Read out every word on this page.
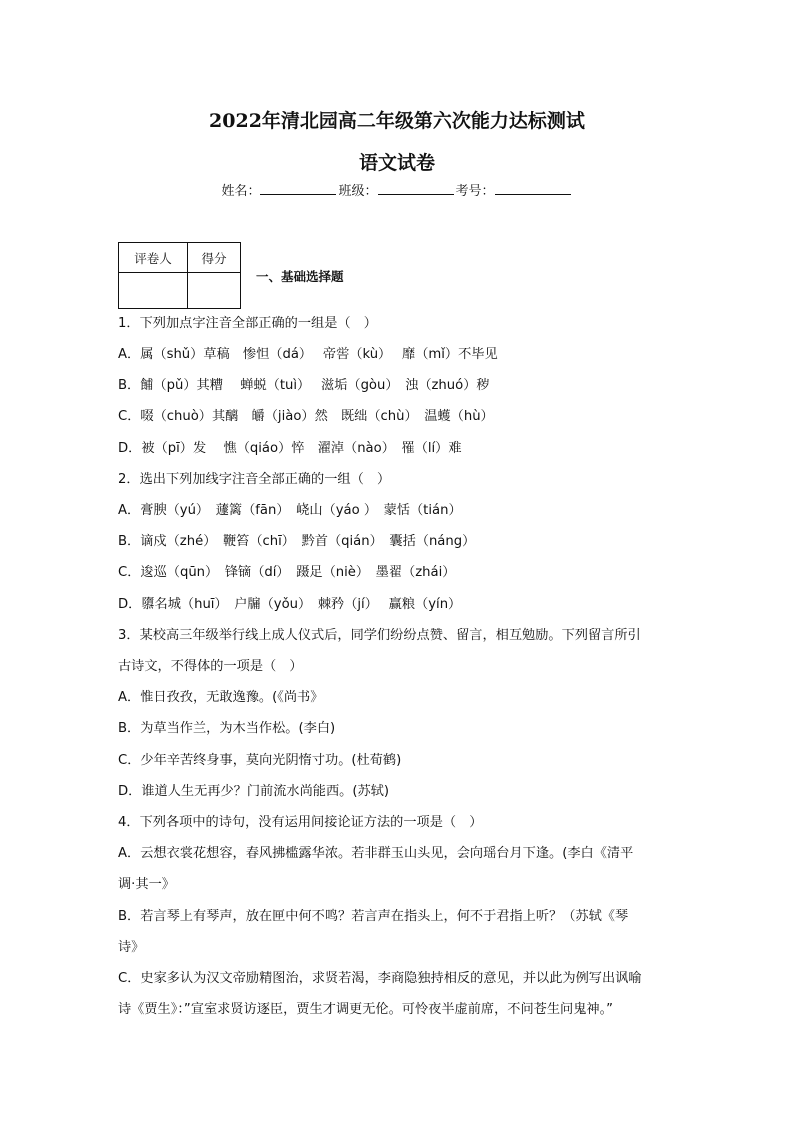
2022年清北园高二年级第六次能力达标测试
语文试卷
姓名：	班级：	考号：
评卷人	得分

一、基础选择题
1．下列加点字注音全部正确的一组是（　）
A．属（shǔ）草稿　惨怛（dá）　 帝喾（kù）　 靡（mǐ）不毕见
B．餔（pǔ）其糟　 蝉蜕（tuì）　 滋垢（gòu）　浊（zhuó）秽
C．啜（chuò）其醨　皭（jiào）然　既绌（chù）　温蠖（hù）
D．被（pī）发　 憔（qiáo）悴　濯淖（nào）　罹（lí）难
2．选出下列加线字注音全部正确的一组（　）
A．膏腴（yú）　蘧篱（fān）　峣山（yáo ）　蒙恬（tián）
B．谪戍（zhé）　鞭笞（chī）　黔首（qián）　囊括（náng）
C．逡巡（qūn）　锋镝（dí）　蹑足（niè）　墨翟（zhái）
D．隳名城（huī）　户牖（yǒu）　棘矜（jí）　 赢粮（yín）
3．某校高三年级举行线上成人仪式后，同学们纷纷点赞、留言，相互勉励。下列留言所引
古诗文，不得体的一项是（　）
A．惟日孜孜，无敢逸豫。(《尚书》
B．为草当作兰，为木当作松。(李白)
C．少年辛苦终身事，莫向光阴惰寸功。(杜荀鹤)
D．谁道人生无再少？门前流水尚能西。(苏轼)
4．下列各项中的诗句，没有运用间接论证方法的一项是（　）
A．云想衣裳花想容，春风拂槛露华浓。若非群玉山头见，会向瑶台月下逢。(李白《清平
调·其一》
B．若言琴上有琴声，放在匣中何不鸣？若言声在指头上，何不于君指上听？（苏轼《琴
诗》
C．史家多认为汉文帝励精图治，求贤若渴，李商隐独持相反的意见，并以此为例写出讽喻
诗《贾生》：”宣室求贤访逐臣，贾生才调更无伦。可怜夜半虚前席，不问苍生问鬼神。”
